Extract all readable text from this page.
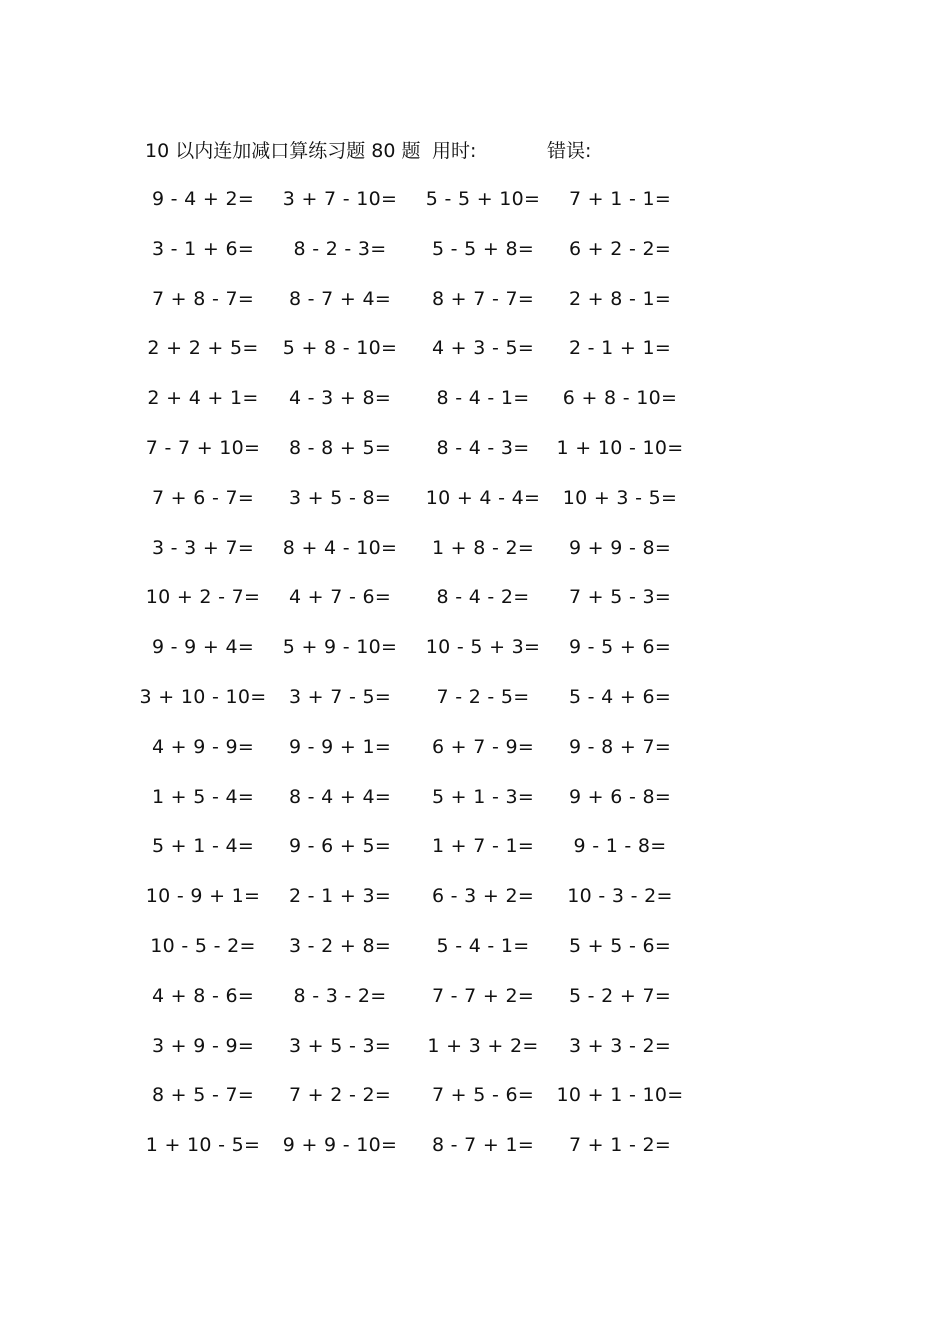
10 以内连加减口算练习题 80 题 用时:	错误:
9 - 4 + 2= 3 + 7 - 10= 5 - 5 + 10= 7 + 1 - 1=
3 - 1 + 6= 8 - 2 - 3= 5 - 5 + 8= 6 + 2 - 2=
7 + 8 - 7= 8 - 7 + 4= 8 + 7 - 7= 2 + 8 - 1=
2 + 2 + 5= 5 + 8 - 10= 4 + 3 - 5= 2 - 1 + 1=
2 + 4 + 1= 4 - 3 + 8= 8 - 4 - 1= 6 + 8 - 10=
7 - 7 + 10= 8 - 8 + 5= 8 - 4 - 3= 1 + 10 - 10=
7 + 6 - 7= 3 + 5 - 8= 10 + 4 - 4= 10 + 3 - 5=
3 - 3 + 7= 8 + 4 - 10= 1 + 8 - 2= 9 + 9 - 8=
10 + 2 - 7= 4 + 7 - 6= 8 - 4 - 2= 7 + 5 - 3=
9 - 9 + 4= 5 + 9 - 10= 10 - 5 + 3= 9 - 5 + 6=
3 + 10 - 10= 3 + 7 - 5= 7 - 2 - 5= 5 - 4 + 6=
4 + 9 - 9= 9 - 9 + 1= 6 + 7 - 9= 9 - 8 + 7=
1 + 5 - 4= 8 - 4 + 4= 5 + 1 - 3= 9 + 6 - 8=
5 + 1 - 4= 9 - 6 + 5= 1 + 7 - 1= 9 - 1 - 8=
10 - 9 + 1= 2 - 1 + 3= 6 - 3 + 2= 10 - 3 - 2=
10 - 5 - 2= 3 - 2 + 8= 5 - 4 - 1= 5 + 5 - 6=
4 + 8 - 6= 8 - 3 - 2= 7 - 7 + 2= 5 - 2 + 7=
3 + 9 - 9= 3 + 5 - 3= 1 + 3 + 2= 3 + 3 - 2=
8 + 5 - 7= 7 + 2 - 2= 7 + 5 - 6= 10 + 1 - 10=
1 + 10 - 5= 9 + 9 - 10= 8 - 7 + 1= 7 + 1 - 2=
